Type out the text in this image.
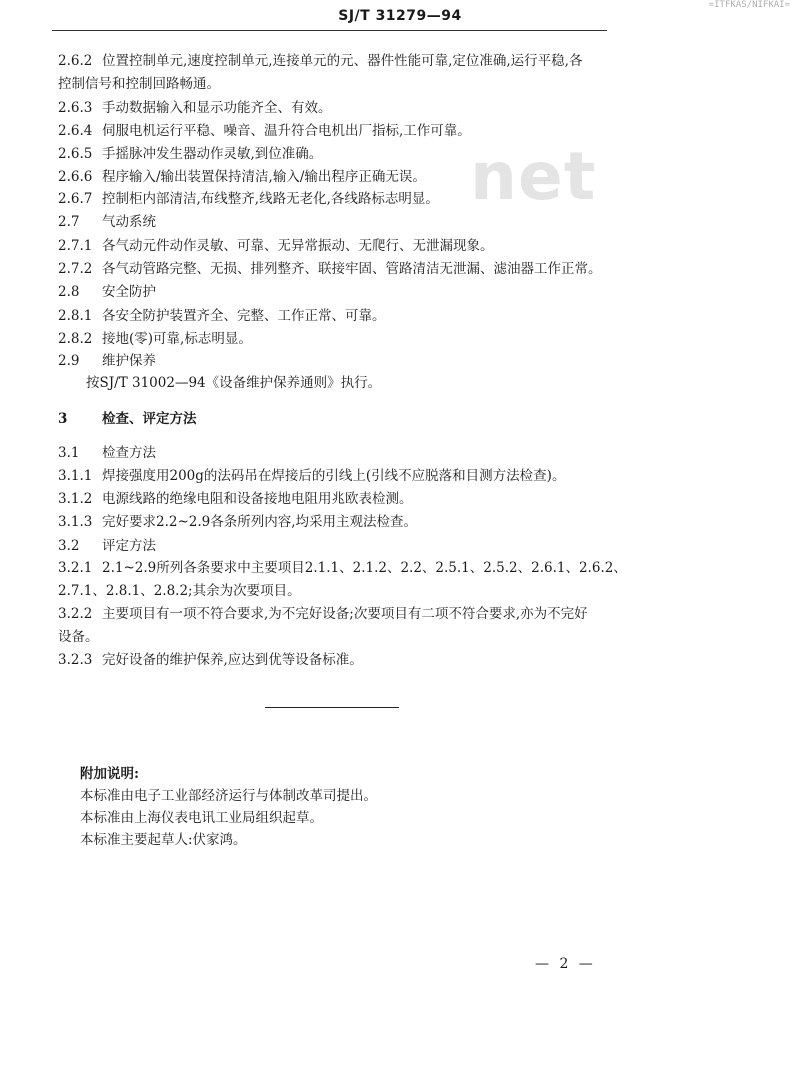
=ITFKAS/NIFKAI=
SJ/T 31279—94
net
2.6.2 位置控制单元,速度控制单元,连接单元的元、器件性能可靠,定位准确,运行平稳,各
控制信号和控制回路畅通。
2.6.3 手动数据输入和显示功能齐全、有效。
2.6.4 伺服电机运行平稳、噪音、温升符合电机出厂指标,工作可靠。
2.6.5 手摇脉冲发生器动作灵敏,到位准确。
2.6.6 程序输入/输出装置保持清洁,输入/输出程序正确无误。
2.6.7 控制柜内部清洁,布线整齐,线路无老化,各线路标志明显。
2.7 气动系统
2.7.1 各气动元件动作灵敏、可靠、无异常振动、无爬行、无泄漏现象。
2.7.2 各气动管路完整、无损、排列整齐、联接牢固、管路清洁无泄漏、滤油器工作正常。
2.8 安全防护
2.8.1 各安全防护装置齐全、完整、工作正常、可靠。
2.8.2 接地(零)可靠,标志明显。
2.9 维护保养
按SJ/T 31002—94《设备维护保养通则》执行。
3	检查、评定方法
3.1 检查方法
3.1.1 焊接强度用200g的法码吊在焊接后的引线上(引线不应脱落和目测方法检查)。
3.1.2 电源线路的绝缘电阻和设备接地电阻用兆欧表检测。
3.1.3 完好要求2.2~2.9各条所列内容,均采用主观法检查。
3.2 评定方法
3.2.1 2.1~2.9所列各条要求中主要项目2.1.1、2.1.2、2.2、2.5.1、2.5.2、2.6.1、2.6.2、
2.7.1、2.8.1、2.8.2;其余为次要项目。
3.2.2 主要项目有一项不符合要求,为不完好设备;次要项目有二项不符合要求,亦为不完好
设备。
3.2.3 完好设备的维护保养,应达到优等设备标准。
附加说明:
本标准由电子工业部经济运行与体制改革司提出。
本标准由上海仪表电讯工业局组织起草。
本标准主要起草人:伏家鸿。
— 2 —
